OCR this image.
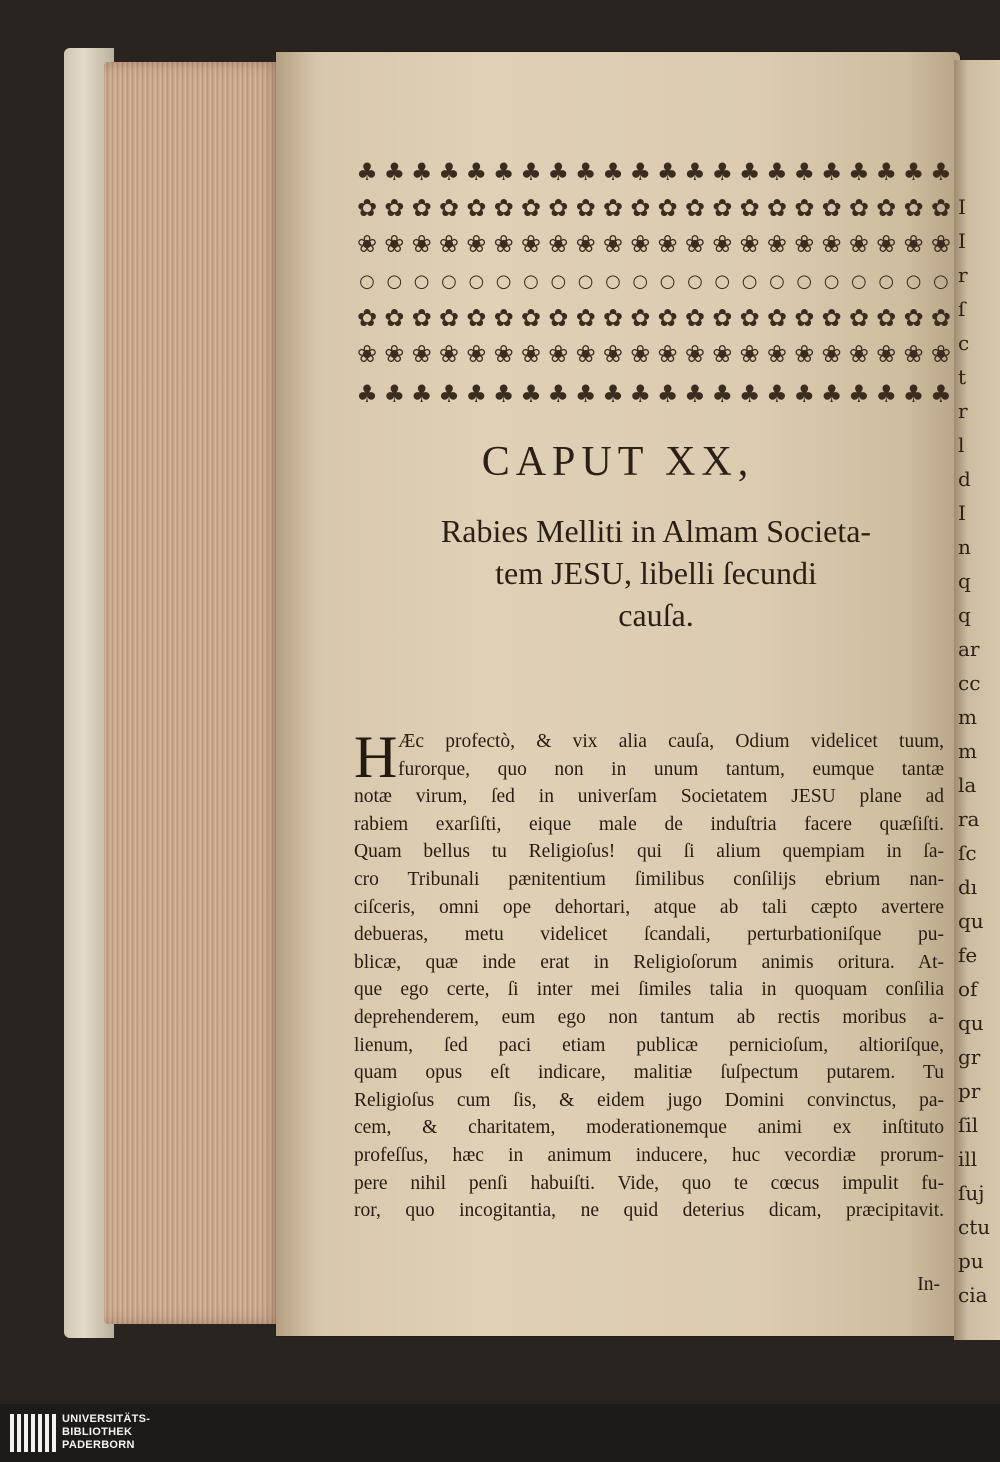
♣ ♣ ♣ ♣ ♣ ♣ ♣ ♣ ♣ ♣ ♣ ♣ ♣ ♣ ♣ ♣ ♣ ♣ ♣ ♣ ♣ ♣
✿ ✿ ✿ ✿ ✿ ✿ ✿ ✿ ✿ ✿ ✿ ✿ ✿ ✿ ✿ ✿ ✿ ✿ ✿ ✿ ✿ ✿
❀ ❀ ❀ ❀ ❀ ❀ ❀ ❀ ❀ ❀ ❀ ❀ ❀ ❀ ❀ ❀ ❀ ❀ ❀ ❀ ❀ ❀
○ ○ ○ ○ ○ ○ ○ ○ ○ ○ ○ ○ ○ ○ ○ ○ ○ ○ ○ ○ ○ ○
✿ ✿ ✿ ✿ ✿ ✿ ✿ ✿ ✿ ✿ ✿ ✿ ✿ ✿ ✿ ✿ ✿ ✿ ✿ ✿ ✿ ✿
❀ ❀ ❀ ❀ ❀ ❀ ❀ ❀ ❀ ❀ ❀ ❀ ❀ ❀ ❀ ❀ ❀ ❀ ❀ ❀ ❀ ❀
♣ ♣ ♣ ♣ ♣ ♣ ♣ ♣ ♣ ♣ ♣ ♣ ♣ ♣ ♣ ♣ ♣ ♣ ♣ ♣ ♣ ♣
CAPUT XX,
Rabies Melliti in Almam Societa-
tem JESU, libelli ſecundi
cauſa.
H Æc profectò, & vix alia cauſa, Odium videlicet tuum,
furorque, quo non in unum tantum, eumque tantæ
notæ virum, ſed in univerſam Societatem JESU plane ad
rabiem exarſiſti, eique male de induſtria facere quæſiſti.
Quam bellus tu Religioſus! qui ſi alium quempiam in ſa-
cro Tribunali pænitentium ſimilibus conſilijs ebrium nan-
ciſceris, omni ope dehortari, atque ab tali cæpto avertere
debueras, metu videlicet ſcandali, perturbationiſque pu-
blicæ, quæ inde erat in Religioſorum animis oritura. At-
que ego certe, ſi inter mei ſimiles talia in quoquam conſilia
deprehenderem, eum ego non tantum ab rectis moribus a-
lienum, ſed paci etiam publicæ pernicioſum, altioriſque,
quam opus eſt indicare, malitiæ ſuſpectum putarem. Tu
Religioſus cum ſis, & eidem jugo Domini convinctus, pa-
cem, & charitatem, moderationemque animi ex inſtituto
profeſſus, hæc in animum inducere, huc vecordiæ prorum-
pere nihil penſi habuiſti. Vide, quo te cœcus impulit fu-
ror, quo incogitantia, ne quid deterius dicam, præcipitavit.
In-
I
I
r
ſ
c
t
r
l
d
I
n
q
q
ar
cc
m
m
la
ra
ſc
dı
qu
fe
of
qu
gr
pr
ſil
ill
ſuj
ctu
pu
cia
UNIVERSITÄTS-
BIBLIOTHEK
PADERBORN
